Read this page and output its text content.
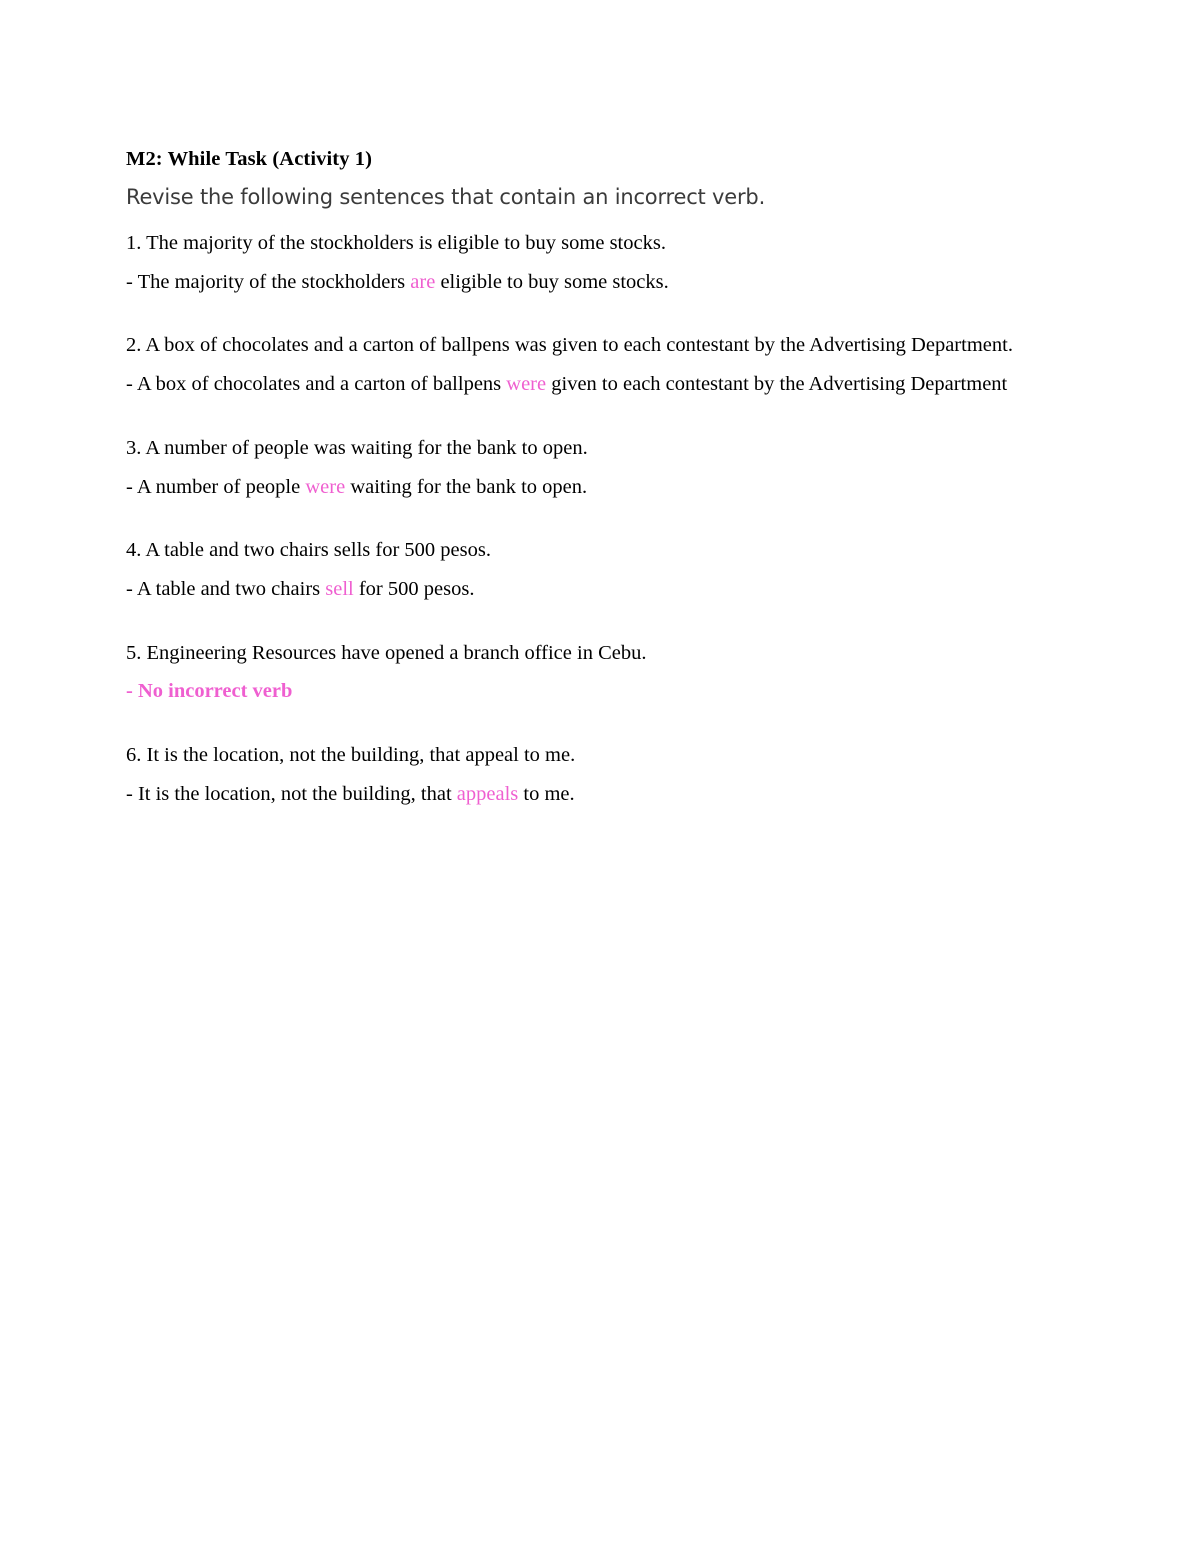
M2: While Task (Activity 1)
Revise the following sentences that contain an incorrect verb.

1. The majority of the stockholders is eligible to buy some stocks.

- The majority of the stockholders are eligible to buy some stocks.

2. A box of chocolates and a carton of ballpens was given to each contestant by the Advertising Department.

- A box of chocolates and a carton of ballpens were given to each contestant by the Advertising Department

3. A number of people was waiting for the bank to open.

- A number of people were waiting for the bank to open.

4. A table and two chairs sells for 500 pesos.

- A table and two chairs sell for 500 pesos.

5. Engineering Resources have opened a branch office in Cebu.

- No incorrect verb

6. It is the location, not the building, that appeal to me.

- It is the location, not the building, that appeals to me.
